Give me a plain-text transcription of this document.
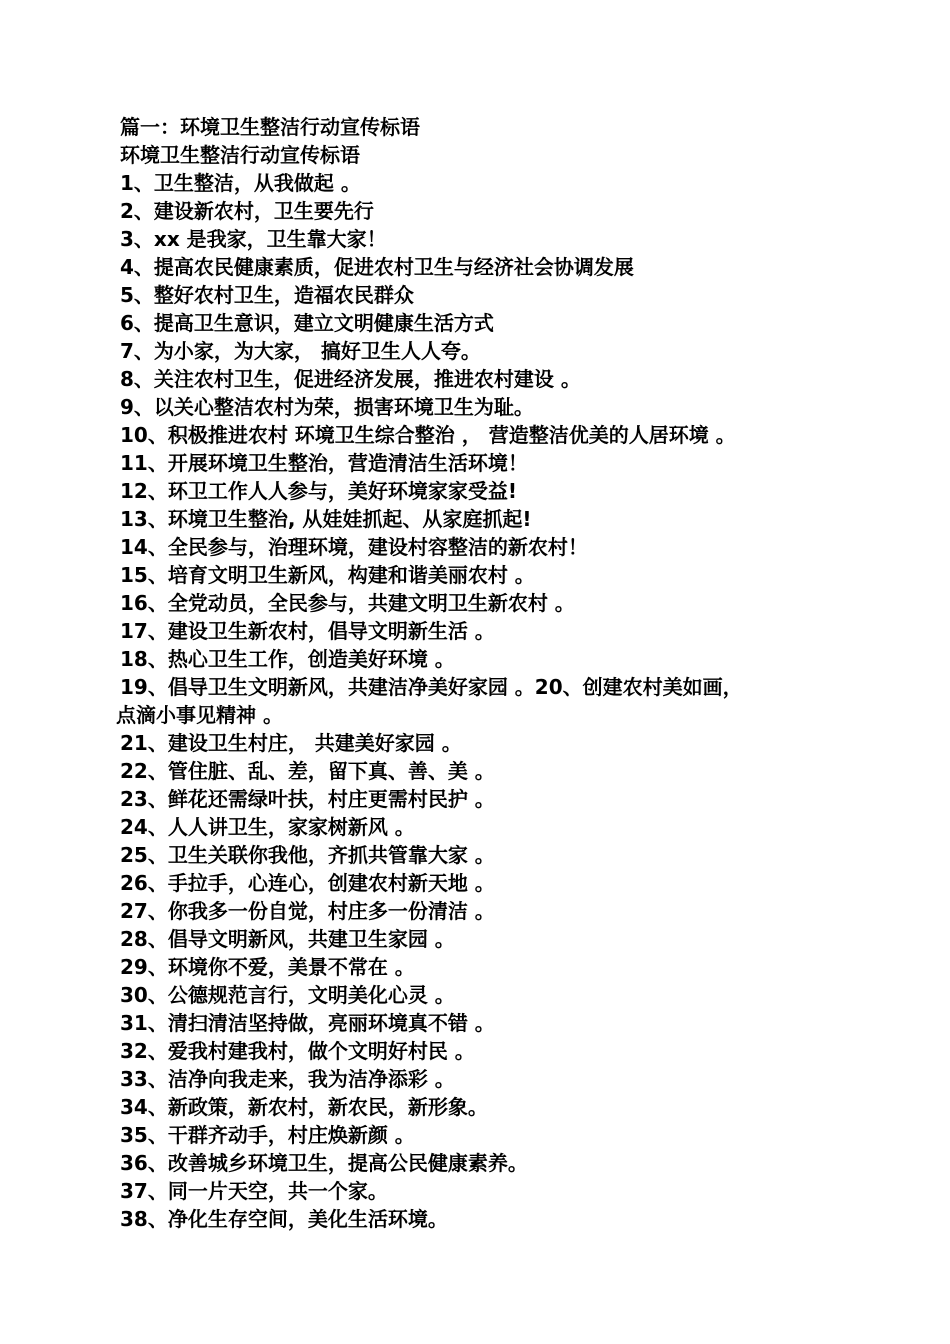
篇一：环境卫生整洁行动宣传标语
环境卫生整洁行动宣传标语
1、卫生整洁，从我做起 。
2、建设新农村，卫生要先行
3、xx 是我家，卫生靠大家！
4、提高农民健康素质，促进农村卫生与经济社会协调发展
5、整好农村卫生，造福农民群众
6、提高卫生意识，建立文明健康生活方式
7、为小家，为大家， 搞好卫生人人夸。
8、关注农村卫生，促进经济发展，推进农村建设 。
9、以关心整洁农村为荣，损害环境卫生为耻。
10、积极推进农村 环境卫生综合整治 ， 营造整洁优美的人居环境 。
11、开展环境卫生整治，营造清洁生活环境！
12、环卫工作人人参与，美好环境家家受益!
13、环境卫生整治, 从娃娃抓起、从家庭抓起!
14、全民参与，治理环境，建设村容整洁的新农村！
15、培育文明卫生新风，构建和谐美丽农村 。
16、全党动员，全民参与，共建文明卫生新农村 。
17、建设卫生新农村，倡导文明新生活 。
18、热心卫生工作，创造美好环境 。
19、倡导卫生文明新风，共建洁净美好家园 。20、创建农村美如画，
点滴小事见精神 。
21、建设卫生村庄， 共建美好家园 。
22、管住脏、乱、差，留下真、善、美 。
23、鲜花还需绿叶扶，村庄更需村民护 。
24、人人讲卫生，家家树新风 。
25、卫生关联你我他，齐抓共管靠大家 。
26、手拉手，心连心，创建农村新天地 。
27、你我多一份自觉，村庄多一份清洁 。
28、倡导文明新风，共建卫生家园 。
29、环境你不爱，美景不常在 。
30、公德规范言行，文明美化心灵 。
31、清扫清洁坚持做，亮丽环境真不错 。
32、爱我村建我村，做个文明好村民 。
33、洁净向我走来，我为洁净添彩 。
34、新政策，新农村，新农民，新形象。
35、干群齐动手，村庄焕新颜 。
36、改善城乡环境卫生，提高公民健康素养。
37、同一片天空，共一个家。
38、净化生存空间，美化生活环境。
